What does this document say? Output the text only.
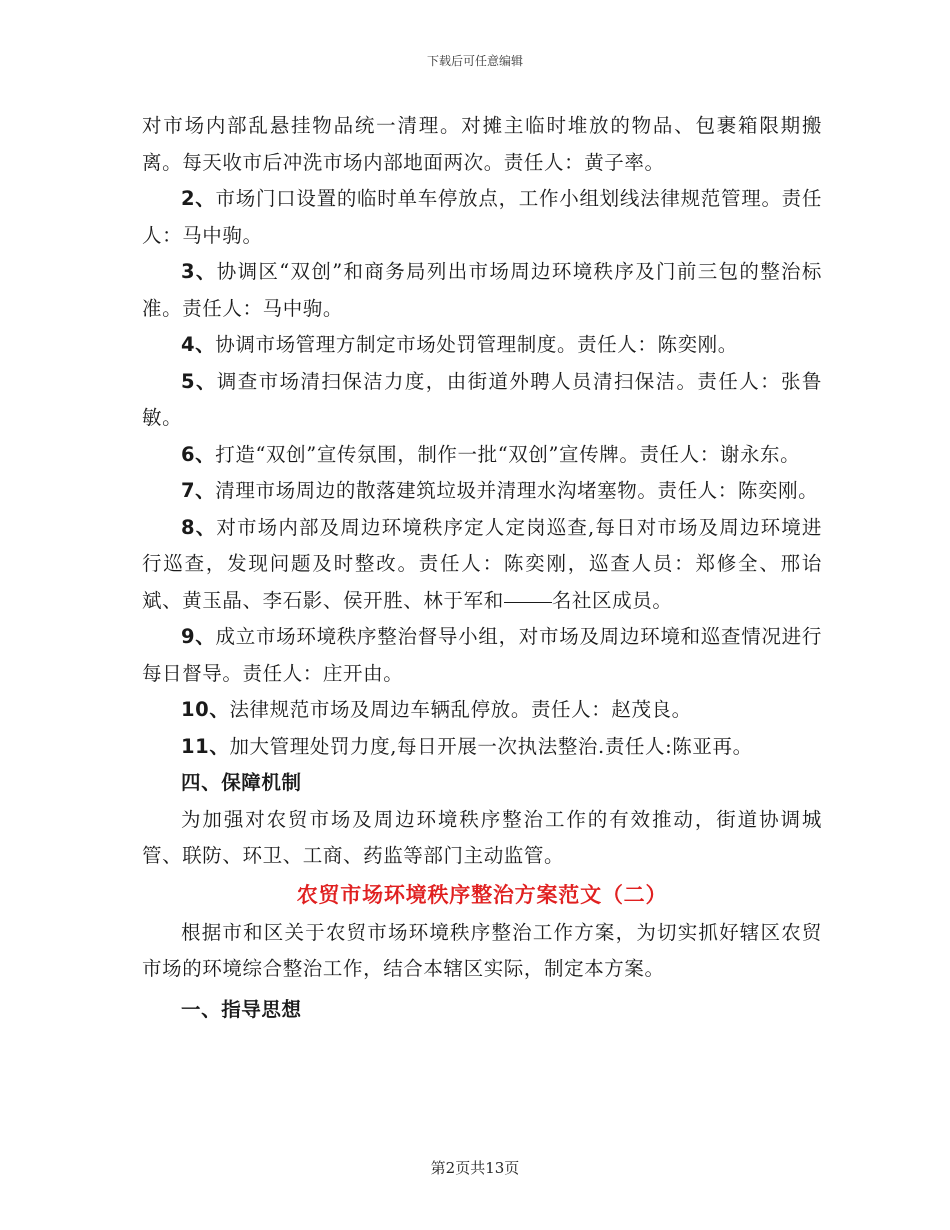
下载后可任意编辑

对市场内部乱悬挂物品统一清理。对摊主临时堆放的物品、包裹箱限期搬离。每天收市后冲洗市场内部地面两次。责任人：黄子率。

2、市场门口设置的临时单车停放点，工作小组划线法律规范管理。责任人：马中驹。

3、协调区“双创”和商务局列出市场周边环境秩序及门前三包的整治标准。责任人：马中驹。

4、协调市场管理方制定市场处罚管理制度。责任人：陈奕刚。

5、调查市场清扫保洁力度，由街道外聘人员清扫保洁。责任人：张鲁敏。

6、打造“双创”宣传氛围，制作一批“双创”宣传牌。责任人：谢永东。

7、清理市场周边的散落建筑垃圾并清理水沟堵塞物。责任人：陈奕刚。

8、对市场内部及周边环境秩序定人定岗巡查,每日对市场及周边环境进行巡查，发现问题及时整改。责任人：陈奕刚，巡查人员：郑修全、邢诒斌、黄玉晶、李石影、侯开胜、林于军和 名社区成员。

9、成立市场环境秩序整治督导小组，对市场及周边环境和巡查情况进行每日督导。责任人：庄开由。

10、法律规范市场及周边车辆乱停放。责任人：赵茂良。

11、加大管理处罚力度,每日开展一次执法整治.责任人:陈亚再。

四、保障机制

为加强对农贸市场及周边环境秩序整治工作的有效推动，街道协调城管、联防、环卫、工商、药监等部门主动监管。

农贸市场环境秩序整治方案范文（二）

根据市和区关于农贸市场环境秩序整治工作方案，为切实抓好辖区农贸市场的环境综合整治工作，结合本辖区实际，制定本方案。

一、指导思想

第2页共13页
